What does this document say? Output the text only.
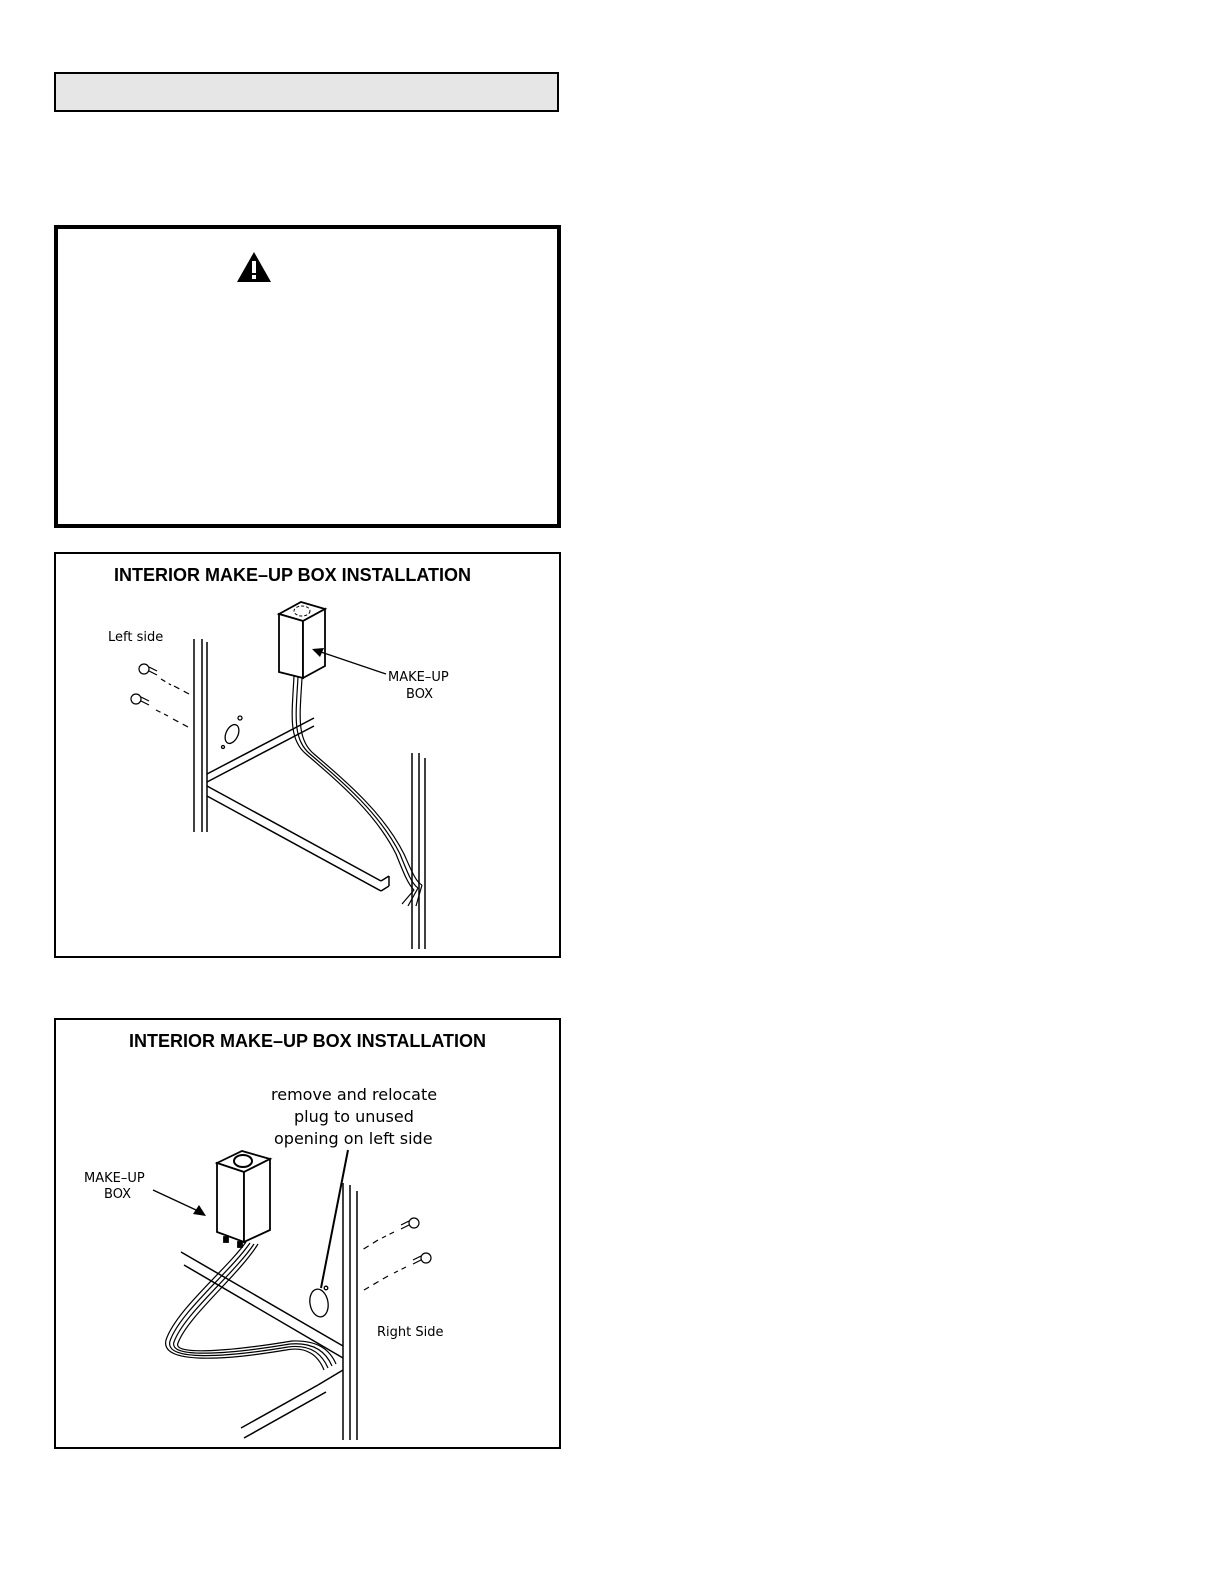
INTERIOR MAKE–UP BOX INSTALLATION
Left side
MAKE–UP
BOX
INTERIOR MAKE–UP BOX INSTALLATION
remove and relocate
plug to unused
opening on left side
MAKE–UP
BOX
Right Side
